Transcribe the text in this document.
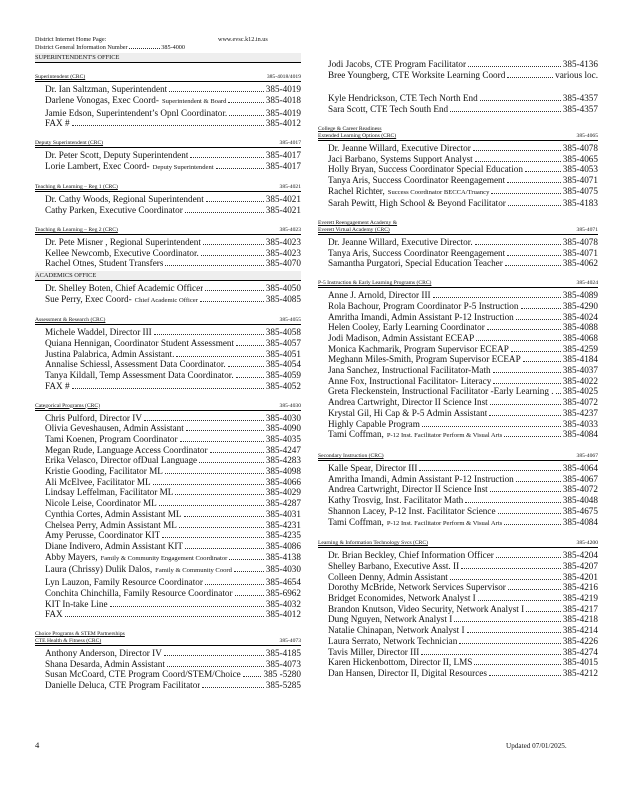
District Internet Home Page:	www.evsc.k12.in.us
District General Information Number	385-4000
SUPERINTENDENT'S OFFICE
Superintendent (CRC)	385-4018/4019
Dr. Ian Saltzman, Superintendent	385-4019
Darlene Vonogas, Exec Coord- Superintendent & Board	385-4018
Jamie Edson, Superintendent’s Opnl Coordinator.	385-4019
FAX #	385-4012
Deputy Superintendent (CRC)	385-4017
Dr. Peter Scott, Deputy Superintendent	385-4017
Lorie Lambert, Exec Coord- Deputy Superintendent	385-4017
Teaching & Learning – Reg 1 (CRC)	385-4021
Dr. Cathy Woods, Regional Superintendent	385-4021
Cathy Parken, Executive Coordinator	385-4021
Teaching & Learning – Reg 2 (CRC)	385-4023
Dr. Pete Misner , Regional Superintendent	385-4023
Kellee Newcomb, Executive Coordinator.	385-4023
Rachel Otnes, Student Transfers	385-4070
ACADEMICS OFFICE
Dr. Shelley Boten, Chief Academic Officer	385-4050
Sue Perry, Exec Coord- Chief Academic Officer	385-4085
Assessment & Research (CRC)	385-4055
Michele Waddel, Director III	385-4058
Quiana Hennigan, Coordinator Student Assessment	385-4057
Justina Palabrica, Admin Assistant.	385-4051
Annalise Schiessl, Assessment Data Coordinator.	385-4054
Tanya Kildall, Temp Assessment Data Coordinator.	385-4059
FAX #	385-4052
Categorical Programs (CRC)	385-4030
Chris Pulford, Director IV	385-4030
Olivia Geveshausen, Admin Assistant	385-4090
Tami Koenen, Program Coordinator	385-4035
Megan Rude, Language Access Coordinator	385-4247
Erika Velasco, Director ofDual Language	385-4283
Kristie Gooding, Facilitator ML	385-4098
Ali McElvee, Facilitator ML	385-4066
Lindsay Leffelman, Facilitator ML	385-4029
Nicole Leise, Coordinator ML	385-4287
Cynthia Cortes, Admin Assistant ML	385-4031
Chelsea Perry, Admin Assistant ML	385-4231
Amy Perusse, Coordinator KIT	385-4235
Diane Indivero, Admin Assistant KIT	385-4086
Abby Mayers, Family & Community Engagement Coordinator	385-4138
Laura (Chrissy) Dulik Dalos, Family & Community Coord	385-4030
Lyn Lauzon, Family Resource Coordinator	385-4654
Conchita Chinchilla, Family Resource Coordinator	385-6962
KIT In-take Line	385-4032
FAX	385-4012
Choice Programs & STEM Partnerships
CTE Health & Fitness (CRC)	385-4073
Anthony Anderson, Director IV	385-4185
Shana Desarda, Admin Assistant	385-4073
Susan McCoard, CTE Program Coord/STEM/Choice 385 -5280
Danielle Deluca, CTE Program Facilitator	385-5285
Jodi Jacobs, CTE Program Facilitator	385-4136
Bree Youngberg, CTE Worksite Learning Coord	various loc.
Kyle Hendrickson, CTE Tech North End	385-4357
Sara Scott, CTE Tech South End	385-4357
College & Career Readiness
Extended Learning Options (CRC)	385-4065
Dr. Jeanne Willard, Executive Director	385-4078
Jaci Barbano, Systems Support Analyst	385-4065
Holly Bryan, Success Coordinator Special Education	385-4053
Tanya Aris, Success Coordinator Reengagement	385-4071
Rachel Richter, Success Coordinator BECCA/Truancy	385-4075
Sarah Pewitt, High School & Beyond Facilitator	385-4183
Everett Reengagement Academy &
Everett Virtual Academy (CRC)	385-4071
Dr. Jeanne Willard, Executive Director.	385-4078
Tanya Aris, Success Coordinator Reengagement	385-4071
Samantha Purgatori, Special Education Teacher	385-4062
P-5 Instruction & Early Learning Programs (CRC)	385-4024
Anne J. Arnold, Director III	385-4089
Rola Bachour, Program Coordinator P-5 Instruction	385-4290
Amritha Imandi, Admin Assistant P-12 Instruction	385-4024
Helen Cooley, Early Learning Coordinator	385-4088
Jodi Madison, Admin Assistant ECEAP	385-4068
Monica Kachmarik, Program Supervisor ECEAP	385-4259
Meghann Miles-Smith, Program Supervisor ECEAP	385-4184
Jana Sanchez, Instructional Facilitator-Math	385-4037
Anne Fox, Instructional Facilitator- Literacy	385-4022
Greta Fleckenstein, Instructional Facilitator -Early Learning . 385-4025
Andrea Cartwright, Director II Science Inst	385-4072
Krystal Gil, Hi Cap & P-5 Admin Assistant	385-4237
Highly Capable Program	385-4033
Tami Coffman, P-12 Inst. Facilitator Perform & Visual Arts	385-4084
Secondary Instruction (CRC)	385-4067
Kalle Spear, Director III	385-4064
Amritha Imandi, Admin Assistant P-12 Instruction	385-4067
Andrea Cartwright, Director II Science Inst	385-4072
Kathy Trosvig, Inst. Facilitator Math	385-4048
Shannon Lacey, P-12 Inst. Facilitator Science	385-4675
Tami Coffman, P-12 Inst. Facilitator Perform & Visual Arts	385-4084
Learning & Information Technology Svcs (CRC)	385-4200
Dr. Brian Beckley, Chief Information Officer	385-4204
Shelley Barbano, Executive Asst. II	385-4207
Colleen Denny, Admin Assistant	385-4201
Dorothy McBride, Network Services Supervisor	385-4216
Bridget Economides, Network Analyst I	385-4219
Brandon Knutson, Video Security, Network Analyst I	385-4217
Dung Nguyen, Network Analyst I	385-4218
Natalie Chinapan, Network Analyst I	385-4214
Laura Serrato, Network Technician	385-4226
Tavis Miller, Director III	385-4274
Karen Hickenbottom, Director II, LMS	385-4015
Dan Hansen, Director II, Digital Resources	385-4212
4	Updated 07/01/2025.
